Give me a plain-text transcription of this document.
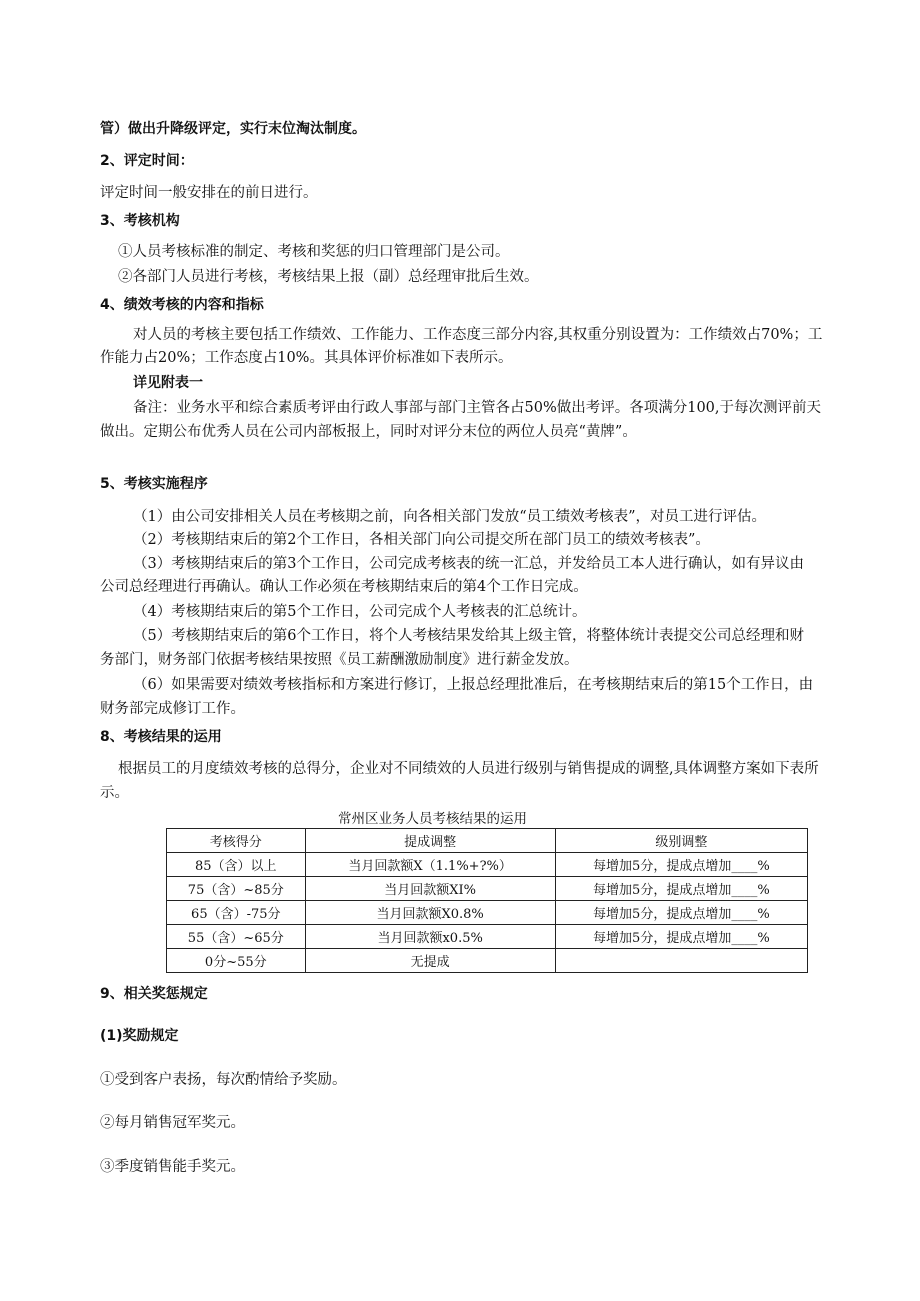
管）做出升降级评定，实行末位淘汰制度。
2、评定时间：
评定时间一般安排在的前日进行。
3、考核机构
①人员考核标准的制定、考核和奖惩的归口管理部门是公司。
②各部门人员进行考核，考核结果上报（副）总经理审批后生效。
4、绩效考核的内容和指标
对人员的考核主要包括工作绩效、工作能力、工作态度三部分内容,其权重分别设置为：工作绩效占70%；工
作能力占20%；工作态度占10%。其具体评价标准如下表所示。
详见附表一
备注：业务水平和综合素质考评由行政人事部与部门主管各占50%做出考评。各项满分100,于每次测评前天
做出。定期公布优秀人员在公司内部板报上，同时对评分末位的两位人员亮“黄牌”。
5、考核实施程序
（1）由公司安排相关人员在考核期之前，向各相关部门发放“员工绩效考核表”，对员工进行评估。
（2）考核期结束后的第2个工作日，各相关部门向公司提交所在部门员工的绩效考核表”。
（3）考核期结束后的第3个工作日，公司完成考核表的统一汇总，并发给员工本人进行确认，如有异议由
公司总经理进行再确认。确认工作必须在考核期结束后的第4个工作日完成。
（4）考核期结束后的第5个工作日，公司完成个人考核表的汇总统计。
（5）考核期结束后的第6个工作日，将个人考核结果发给其上级主管，将整体统计表提交公司总经理和财
务部门，财务部门依据考核结果按照《员工薪酬激励制度》进行薪金发放。
（6）如果需要对绩效考核指标和方案进行修订，上报总经理批准后，在考核期结束后的第15个工作日，由
财务部完成修订工作。
8、考核结果的运用
根据员工的月度绩效考核的总得分，企业对不同绩效的人员进行级别与销售提成的调整,具体调整方案如下表所
示。
常州区业务人员考核结果的运用
考核得分	提成调整	级别调整
85（含）以上	当月回款额X（1.1%+?%）	每增加5分，提成点增加____%
75（含）~85分	当月回款额XI%	每增加5分，提成点增加____%
65（含）-75分	当月回款额X0.8%	每增加5分，提成点增加____%
55（含）~65分	当月回款额x0.5%	每增加5分，提成点增加____%
0分~55分	无提成	
9、相关奖惩规定
(1)奖励规定
①受到客户表扬，每次酌情给予奖励。
②每月销售冠军奖元。
③季度销售能手奖元。
